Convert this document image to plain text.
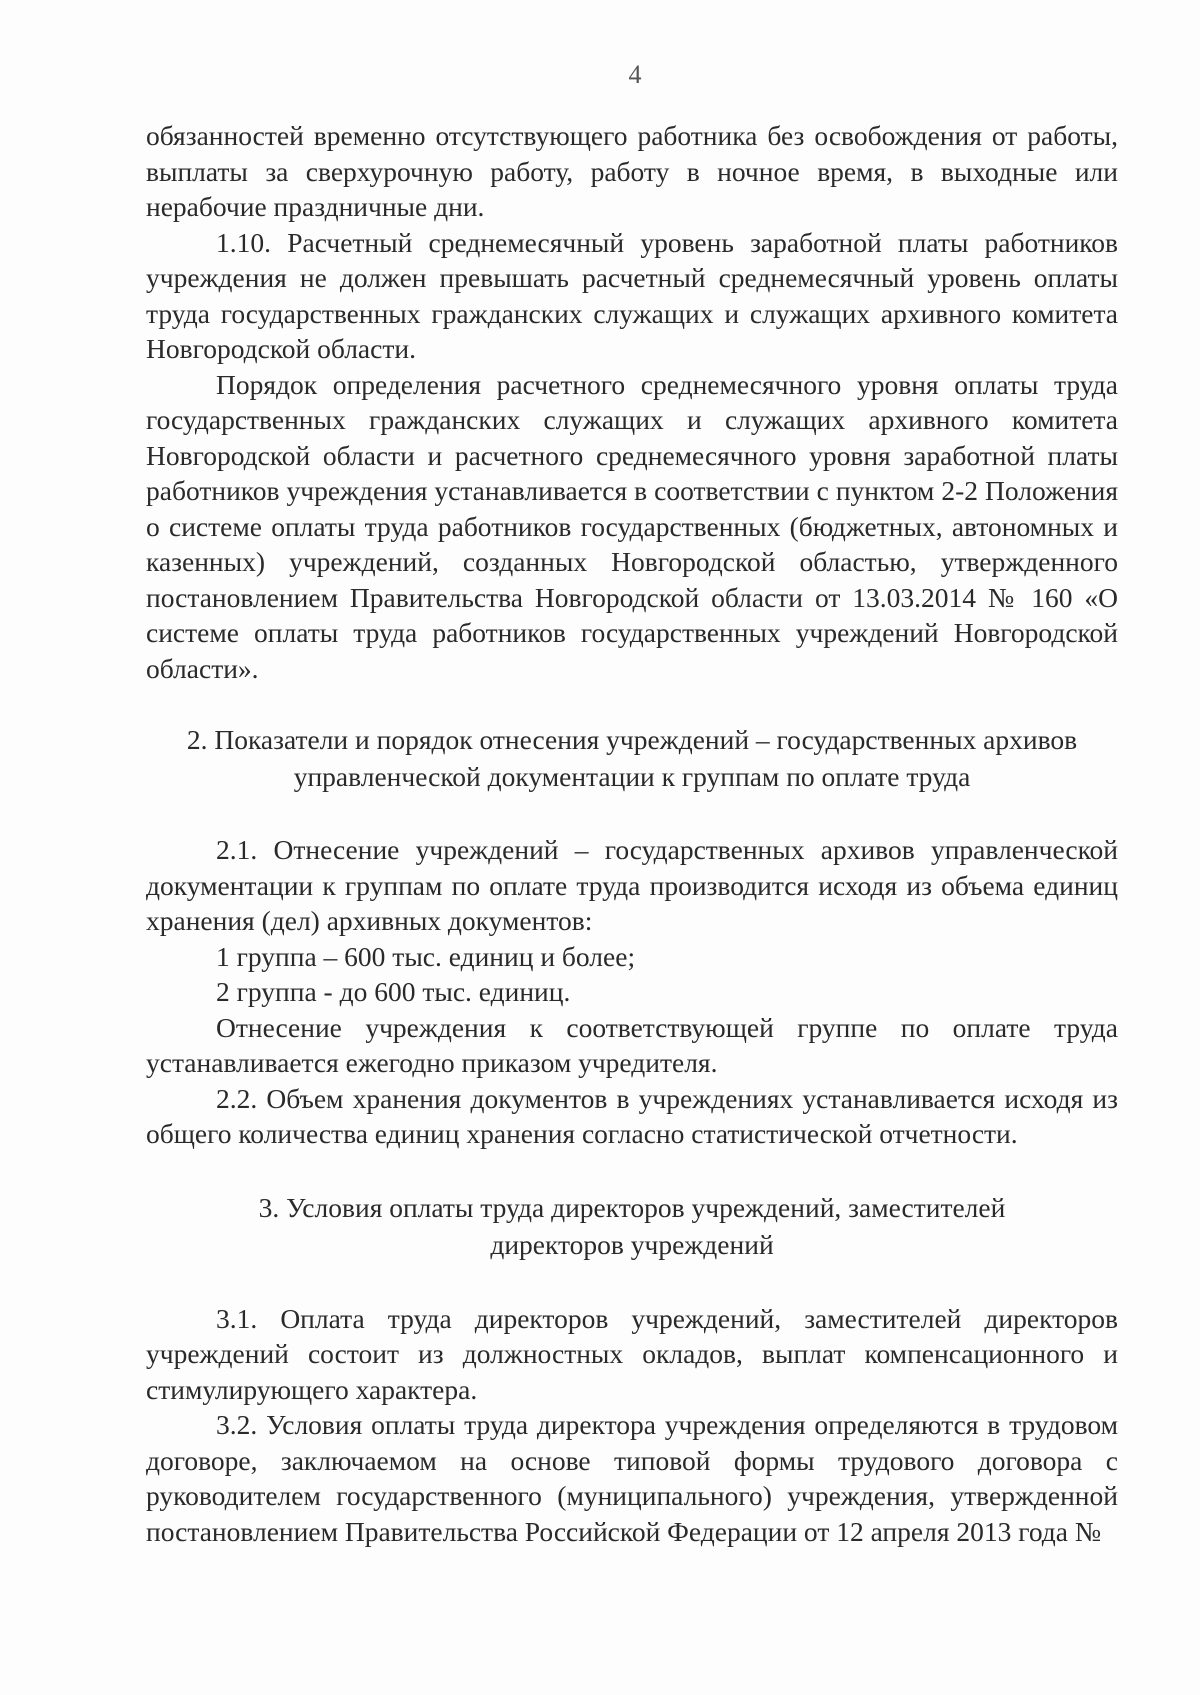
4

обязанностей временно отсутствующего работника без освобождения от работы, выплаты за сверхурочную работу, работу в ночное время, в выходные или нерабочие праздничные дни.

1.10. Расчетный среднемесячный уровень заработной платы работников учреждения не должен превышать расчетный среднемесячный уровень оплаты труда государственных гражданских служащих и служащих архивного комитета Новгородской области.

Порядок определения расчетного среднемесячного уровня оплаты труда государственных гражданских служащих и служащих архивного комитета Новгородской области и расчетного среднемесячного уровня заработной платы работников учреждения устанавливается в соответствии с пунктом 2-2 Положения о системе оплаты труда работников государственных (бюджетных, автономных и казенных) учреждений, созданных Новгородской областью, утвержденного постановлением Правительства Новгородской области от 13.03.2014 № 160 «О системе оплаты труда работников государственных учреждений Новгородской области».

2. Показатели и порядок отнесения учреждений – государственных архивов
управленческой документации к группам по оплате труда

2.1. Отнесение учреждений – государственных архивов управленческой документации к группам по оплате труда производится исходя из объема единиц хранения (дел) архивных документов:

1 группа – 600 тыс. единиц и более;

2 группа - до 600 тыс. единиц.

Отнесение учреждения к соответствующей группе по оплате труда устанавливается ежегодно приказом учредителя.

2.2. Объем хранения документов в учреждениях устанавливается исходя из общего количества единиц хранения согласно статистической отчетности.

3. Условия оплаты труда директоров учреждений, заместителей
директоров учреждений

3.1. Оплата труда директоров учреждений, заместителей директоров учреждений состоит из должностных окладов, выплат компенсационного и стимулирующего характера.

3.2. Условия оплаты труда директора учреждения определяются в трудовом договоре, заключаемом на основе типовой формы трудового договора с руководителем государственного (муниципального) учреждения, утвержденной постановлением Правительства Российской Федерации от 12 апреля 2013 года №
